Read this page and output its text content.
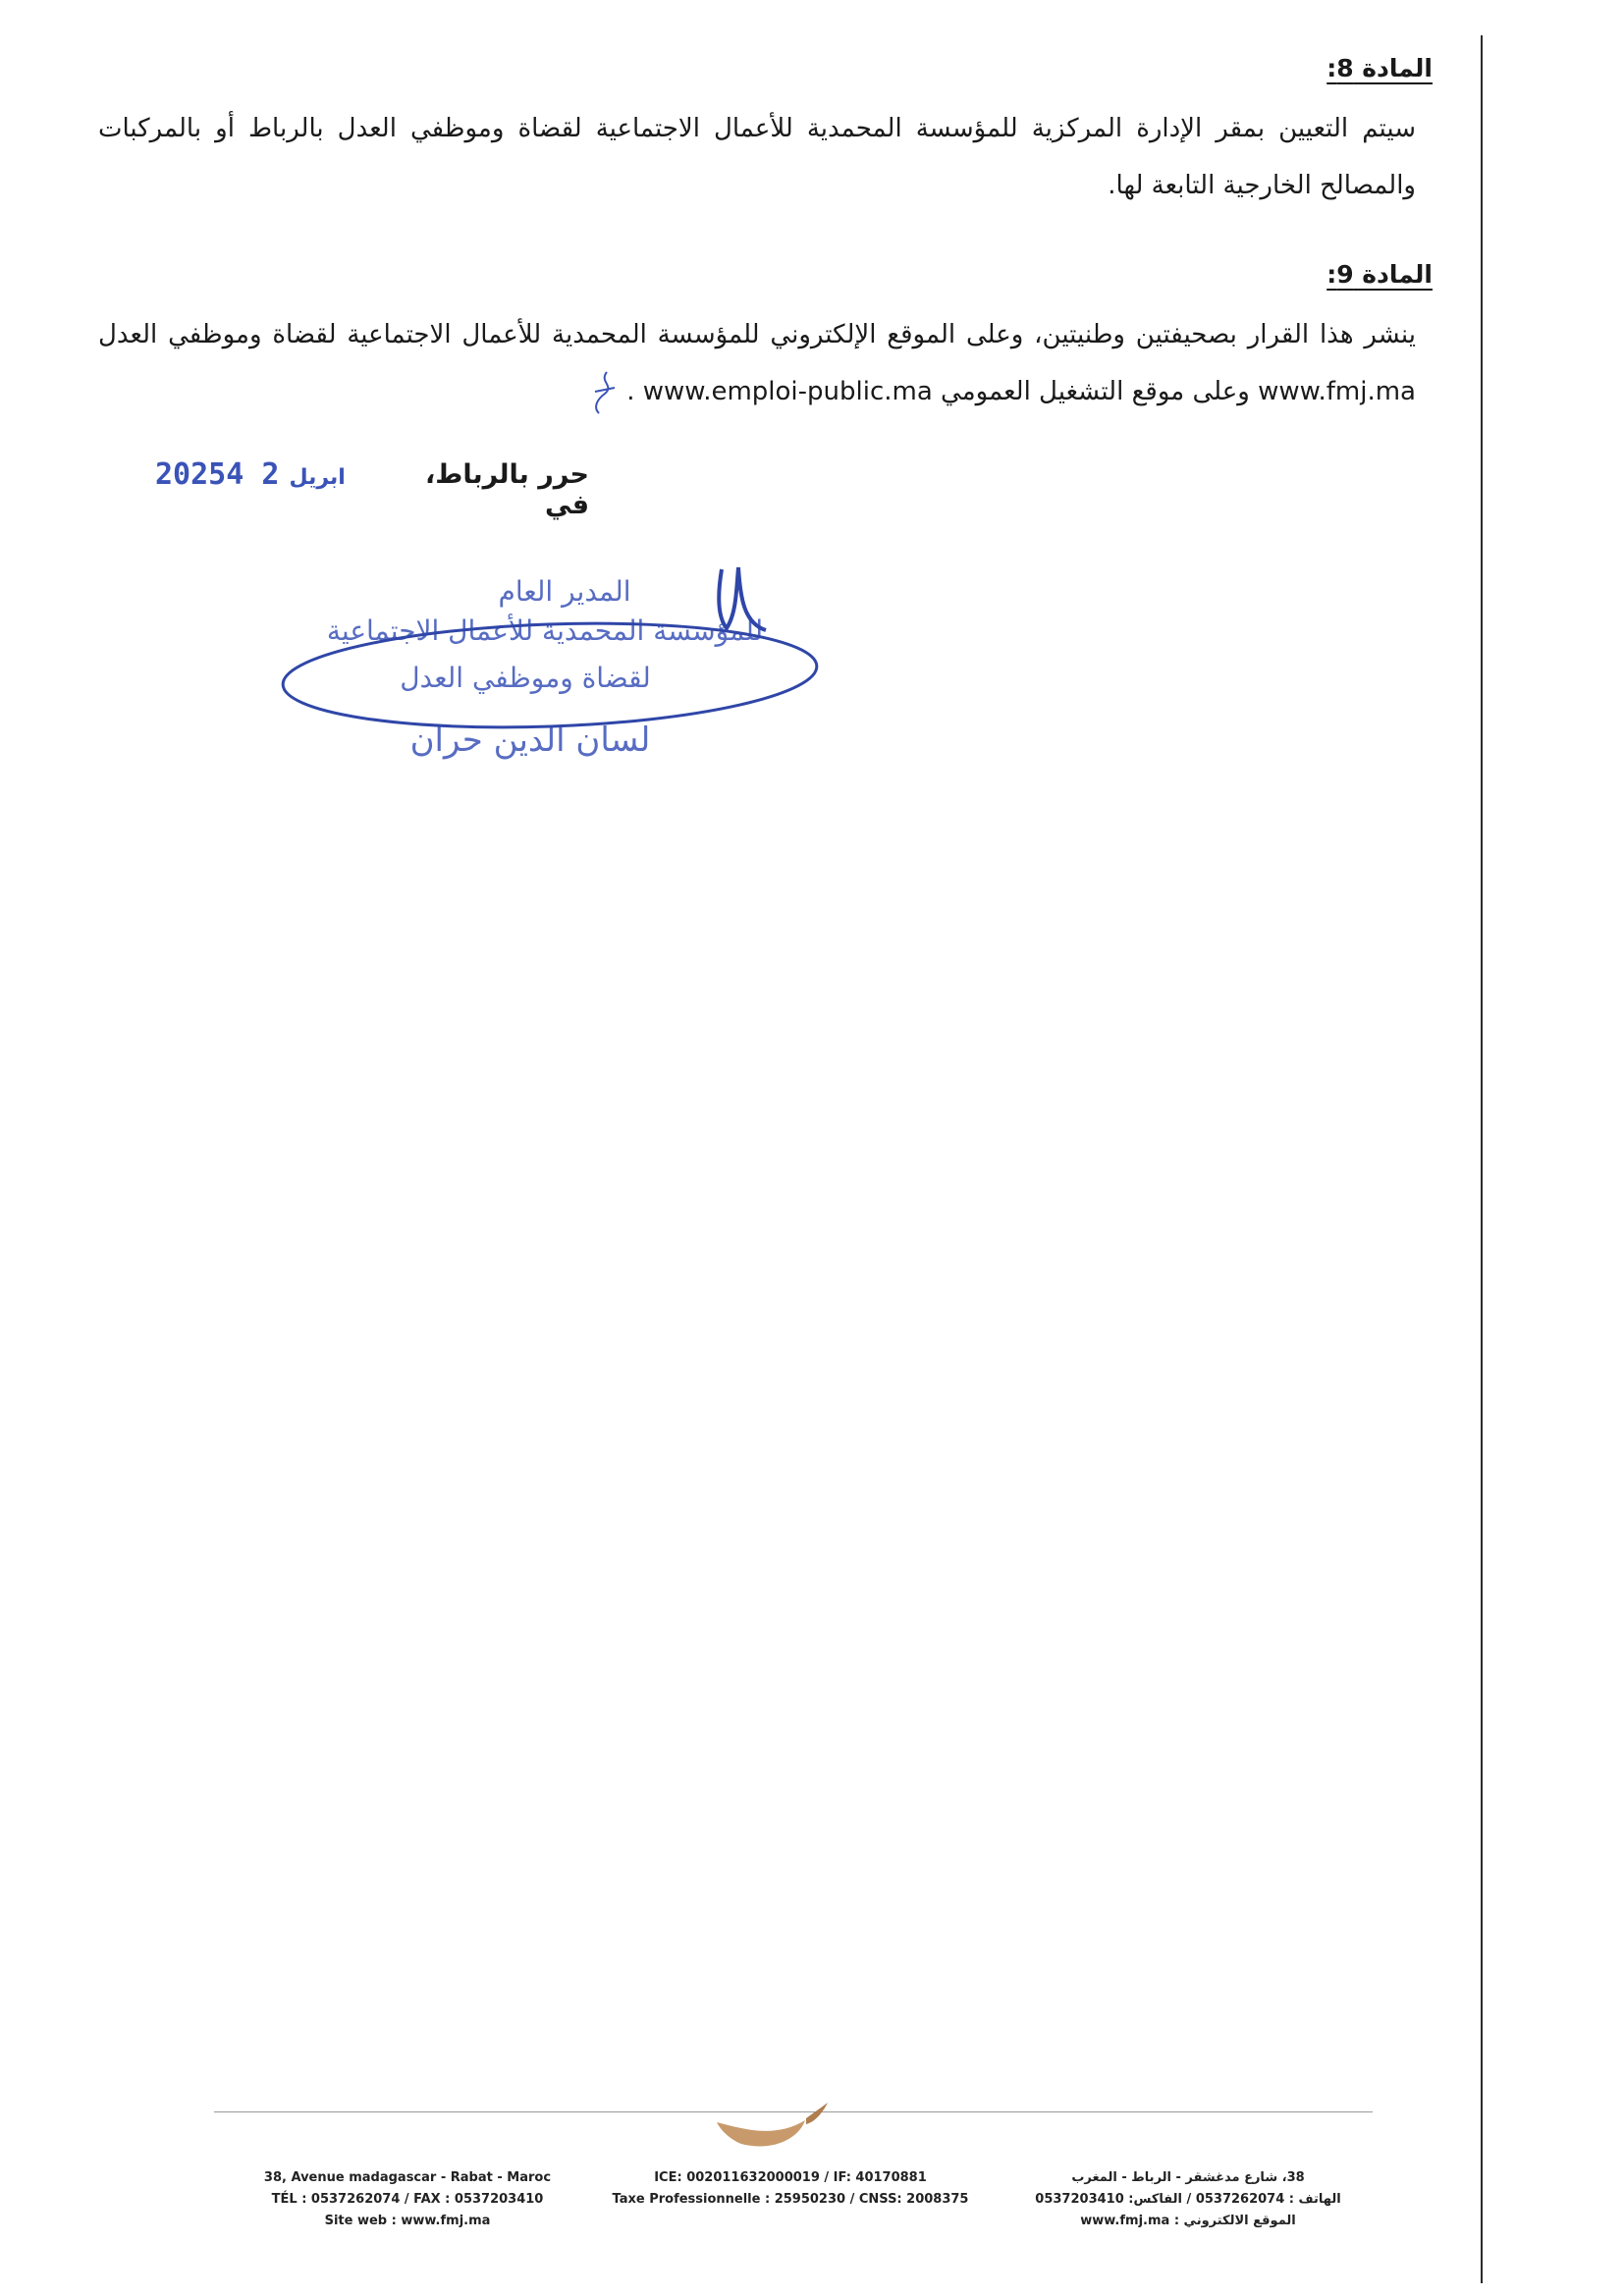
المادة 8:
سيتم التعيين بمقر الإدارة المركزية للمؤسسة المحمدية للأعمال الاجتماعية لقضاة وموظفي العدل بالرباط أو بالمركبات والمصالح الخارجية التابعة لها.
المادة 9:
ينشر هذا القرار بصحيفتين وطنيتين، وعلى الموقع الإلكتروني للمؤسسة المحمدية للأعمال الاجتماعية لقضاة وموظفي العدل www.fmj.ma وعلى موقع التشغيل العمومي www.emploi-public.ma .
حرر بالرباط، في
2025	ابريل2 4
المدير العام
للمؤسسة المحمدية للأعمال الاجتماعية
لقضاة وموظفي العدل
لسان الدين حران
38, Avenue madagascar - Rabat - Maroc
TÉL : 0537262074 / FAX : 0537203410
Site web : www.fmj.ma
ICE: 002011632000019 / IF: 40170881
Taxe Professionnelle : 25950230 / CNSS: 2008375
38، شارع مدغشقر - الرباط - المغرب
الهاتف : 0537262074 / الفاكس: 0537203410
الموقع الالكتروني : www.fmj.ma
